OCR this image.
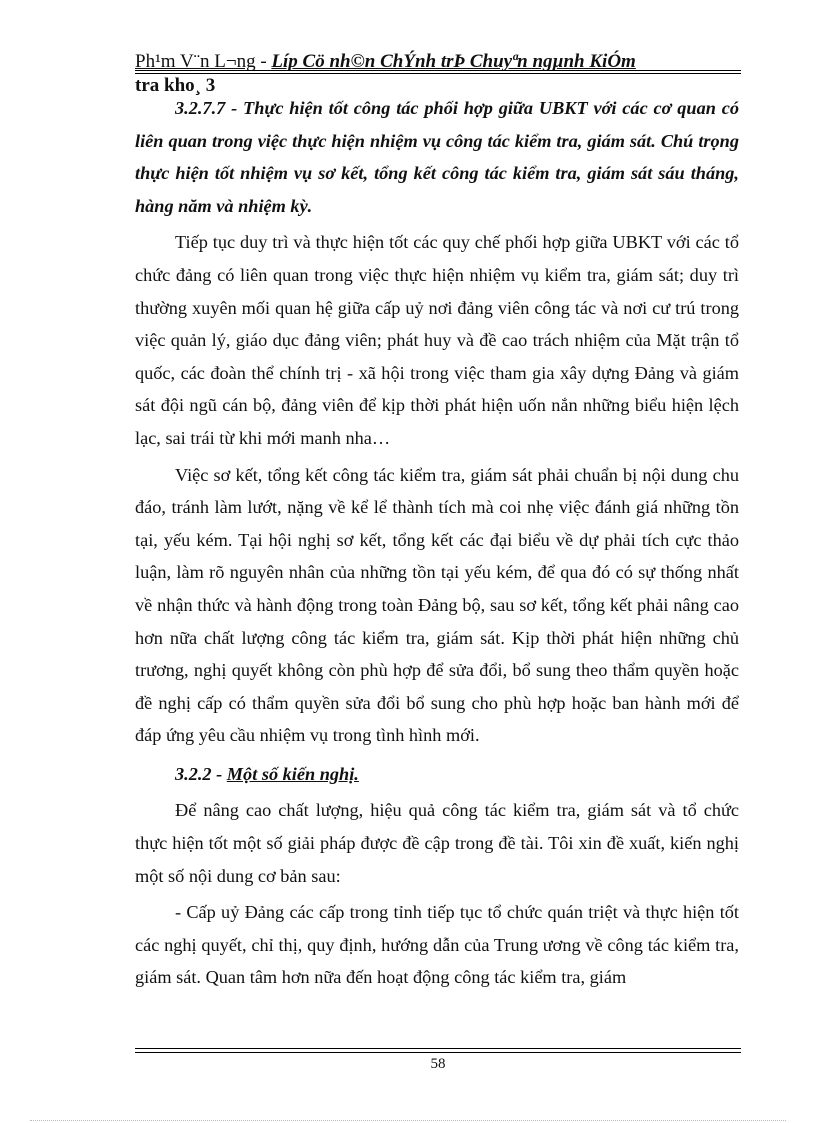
Ph¹m V¨n L¬ng - Líp Cö nh©n ChÝnh trÞ Chuyªn ngµnh KiÓm
tra kho¸ 3

3.2.7.7 - Thực hiện tốt công tác phối hợp giữa UBKT với các cơ quan có liên quan trong việc thực hiện nhiệm vụ công tác kiểm tra, giám sát. Chú trọng thực hiện tốt nhiệm vụ sơ kết, tổng kết công tác kiểm tra, giám sát sáu tháng, hàng năm và nhiệm kỳ.

Tiếp tục duy trì và thực hiện tốt các quy chế phối hợp giữa UBKT với các tổ chức đảng có liên quan trong việc thực hiện nhiệm vụ kiểm tra, giám sát; duy trì thường xuyên mối quan hệ giữa cấp uỷ nơi đảng viên công tác và nơi cư trú trong việc quản lý, giáo dục đảng viên; phát huy và đề cao trách nhiệm của Mặt trận tổ quốc, các đoàn thể chính trị - xã hội trong việc tham gia xây dựng Đảng và giám sát đội ngũ cán bộ, đảng viên để kịp thời phát hiện uốn nắn những biểu hiện lệch lạc, sai trái từ khi mới manh nha…

Việc sơ kết, tổng kết công tác kiểm tra, giám sát phải chuẩn bị nội dung chu đáo, tránh làm lướt, nặng về kể lể thành tích mà coi nhẹ việc đánh giá những tồn tại, yếu kém. Tại hội nghị sơ kết, tổng kết các đại biểu về dự phải tích cực thảo luận, làm rõ nguyên nhân của những tồn tại yếu kém, để qua đó có sự thống nhất về nhận thức và hành động trong toàn Đảng bộ, sau sơ kết, tổng kết phải nâng cao hơn nữa chất lượng công tác kiểm tra, giám sát. Kịp thời phát hiện những chủ trương, nghị quyết không còn phù hợp để sửa đổi, bổ sung theo thẩm quyền hoặc đề nghị cấp có thẩm quyền sửa đổi bổ sung cho phù hợp hoặc ban hành mới để đáp ứng yêu cầu nhiệm vụ trong tình hình mới.

3.2.2 - Một số kiến nghị.

Để nâng cao chất lượng, hiệu quả công tác kiểm tra, giám sát và tổ chức thực hiện tốt một số giải pháp được đề cập trong đề tài. Tôi xin đề xuất, kiến nghị một số nội dung cơ bản sau:

- Cấp uỷ Đảng các cấp trong tỉnh tiếp tục tổ chức quán triệt và thực hiện tốt các nghị quyết, chỉ thị, quy định, hướng dẫn của Trung ương về công tác kiểm tra, giám sát. Quan tâm hơn nữa đến hoạt động công tác kiểm tra, giám

58
